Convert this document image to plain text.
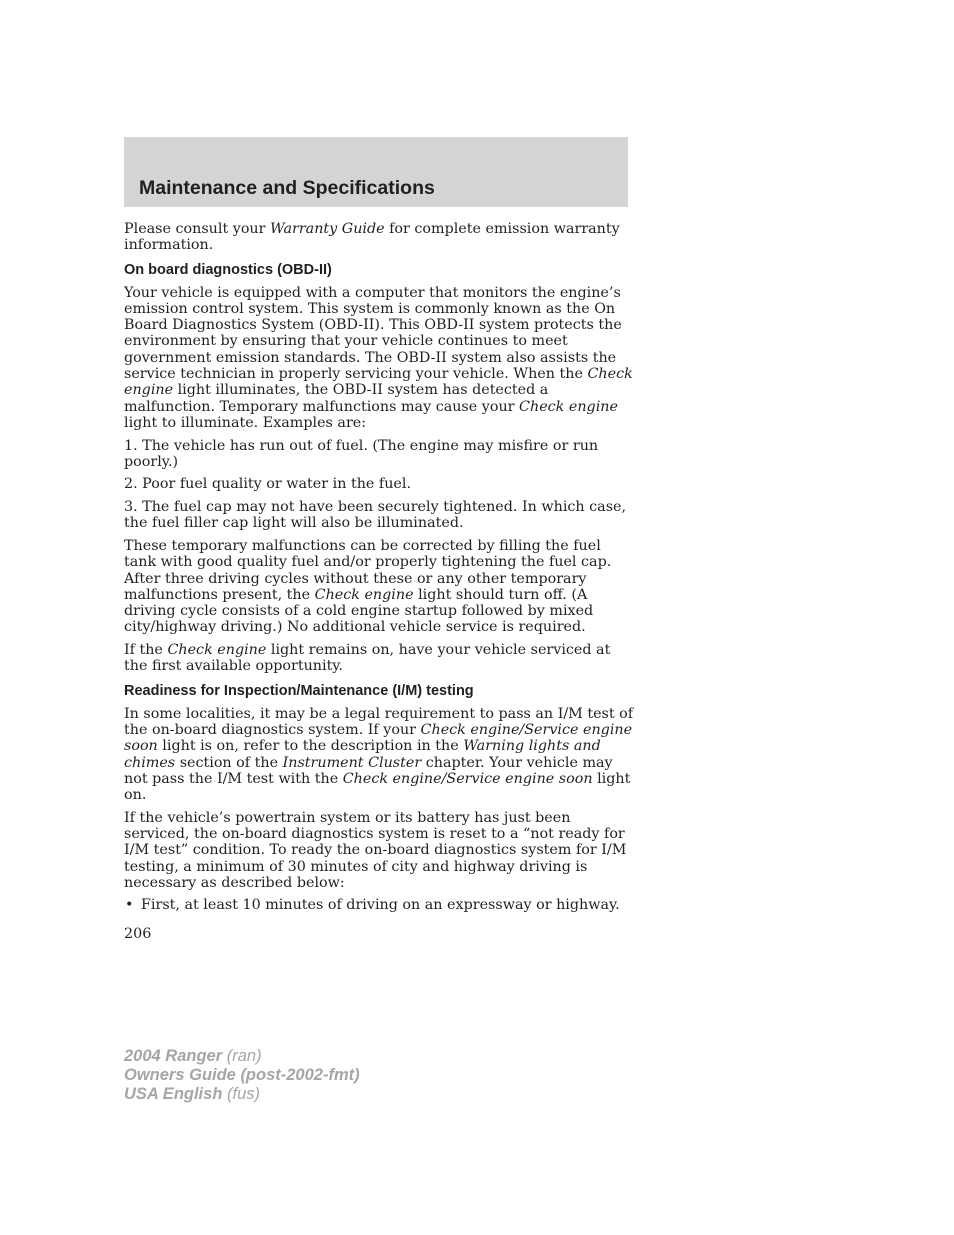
Maintenance and Specifications

Please consult your Warranty Guide for complete emission warranty information.

On board diagnostics (OBD-II)

Your vehicle is equipped with a computer that monitors the engine’s emission control system. This system is commonly known as the On Board Diagnostics System (OBD-II). This OBD-II system protects the environment by ensuring that your vehicle continues to meet government emission standards. The OBD-II system also assists the service technician in properly servicing your vehicle. When the Check engine light illuminates, the OBD-II system has detected a malfunction. Temporary malfunctions may cause your Check engine light to illuminate. Examples are:

1. The vehicle has run out of fuel. (The engine may misfire or run poorly.)

2. Poor fuel quality or water in the fuel.

3. The fuel cap may not have been securely tightened. In which case, the fuel filler cap light will also be illuminated.

These temporary malfunctions can be corrected by filling the fuel tank with good quality fuel and/or properly tightening the fuel cap. After three driving cycles without these or any other temporary malfunctions present, the Check engine light should turn off. (A driving cycle consists of a cold engine startup followed by mixed city/highway driving.) No additional vehicle service is required.

If the Check engine light remains on, have your vehicle serviced at the first available opportunity.

Readiness for Inspection/Maintenance (I/M) testing

In some localities, it may be a legal requirement to pass an I/M test of the on-board diagnostics system. If your Check engine/Service engine soon light is on, refer to the description in the Warning lights and chimes section of the Instrument Cluster chapter. Your vehicle may not pass the I/M test with the Check engine/Service engine soon light on.

If the vehicle’s powertrain system or its battery has just been serviced, the on-board diagnostics system is reset to a “not ready for I/M test” condition. To ready the on-board diagnostics system for I/M testing, a minimum of 30 minutes of city and highway driving is necessary as described below:

• First, at least 10 minutes of driving on an expressway or highway.

206
2004 Ranger (ran)
Owners Guide (post-2002-fmt)
USA English (fus)
